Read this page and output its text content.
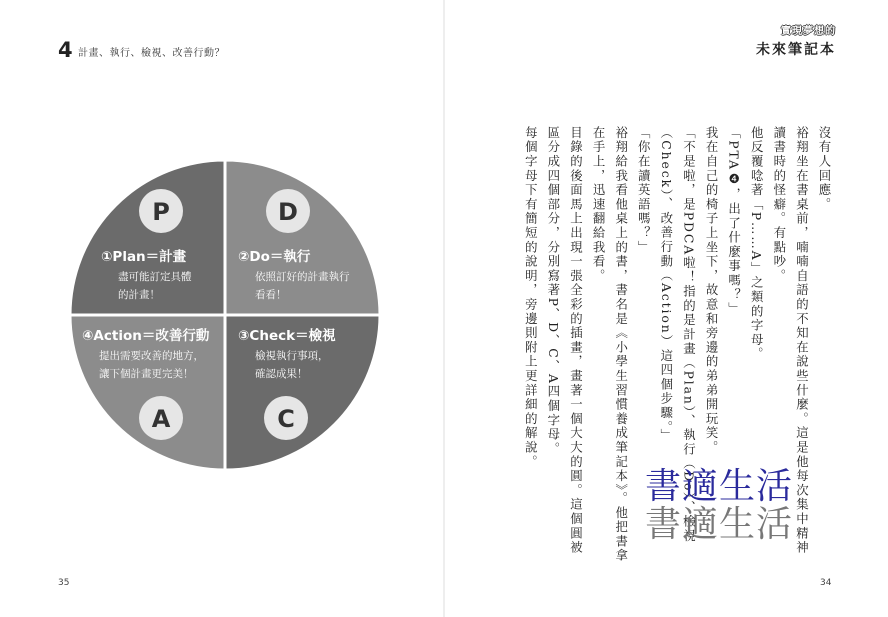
4 計畫、執行、檢視、改善行動？
實現夢想的
未來筆記本
P
①Plan＝計畫
盡可能訂定具體
的計畫！
D
②Do＝執行
依照訂好的計畫執行
看看！
③Check＝檢視
檢視執行事項，
確認成果！
C
④Action＝改善行動
提出需要改善的地方，
讓下個計畫更完美！
A

沒有人回應。

裕翔坐在書桌前，喃喃自語的不知在說些什麼。這是他每次集中精神讀書時的怪癖。有點吵。

他反覆唸著「P……A」之類的字母。

「PTA❹，出了什麼事嗎？」

我在自己的椅子上坐下，故意和旁邊的弟弟開玩笑。

「不是啦，是PDCA啦！指的是計畫（Plan）、執行（Do）、檢視（Check）、改善行動（Action）這四個步驟。」

「你在讀英語嗎？」

裕翔給我看他桌上的書，書名是《小學生習慣養成筆記本》。他把書拿在手上，迅速翻給我看。

目錄的後面馬上出現一張全彩的插畫，畫著一個大大的圓。這個圓被區分成四個部分，分別寫著P、D、C、A四個字母。

每個字母下有簡短的說明，旁邊則附上更詳細的解說。

書適生活
書適生活
35	34
